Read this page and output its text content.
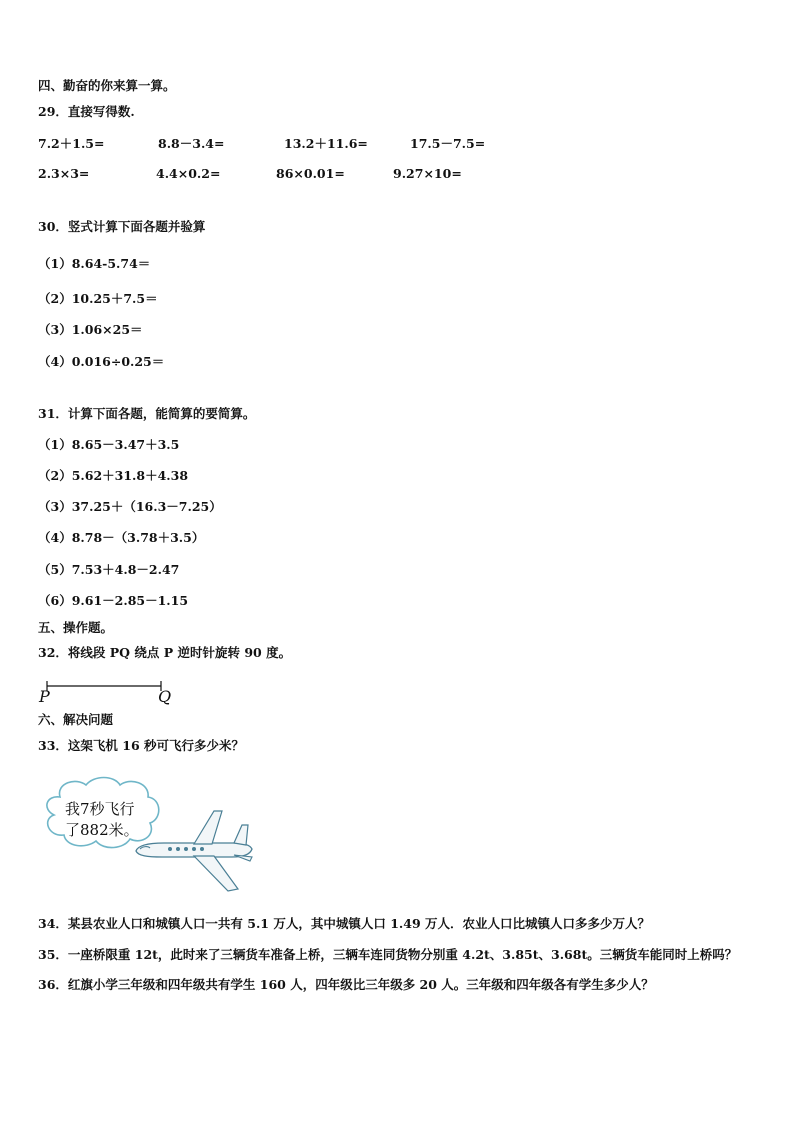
四、勤奋的你来算一算。
29．直接写得数.
7.2＋1.5=	8.8－3.4=	13.2＋11.6=	17.5－7.5=
2.3×3=	4.4×0.2=	86×0.01=	9.27×10=
30．竖式计算下面各题并验算
（1）8.64-5.74＝
（2）10.25＋7.5＝
（3）1.06×25＝
（4）0.016÷0.25＝
31．计算下面各题，能简算的要简算。
（1）8.65－3.47＋3.5
（2）5.62＋31.8＋4.38
（3）37.25＋（16.3－7.25）
（4）8.78－（3.78＋3.5）
（5）7.53＋4.8－2.47
（6）9.61－2.85－1.15
五、操作题。
32．将线段 PQ 绕点 P 逆时针旋转 90 度。
P	Q
六、解决问题
33．这架飞机 16 秒可飞行多少米？
我7秒飞行
了882米。
34．某县农业人口和城镇人口一共有 5.1 万人，其中城镇人口 1.49 万人．农业人口比城镇人口多多少万人？
35．一座桥限重 12t，此时来了三辆货车准备上桥，三辆车连同货物分别重 4.2t、3.85t、3.68t。三辆货车能同时上桥吗？
36．红旗小学三年级和四年级共有学生 160 人，四年级比三年级多 20 人。三年级和四年级各有学生多少人？
